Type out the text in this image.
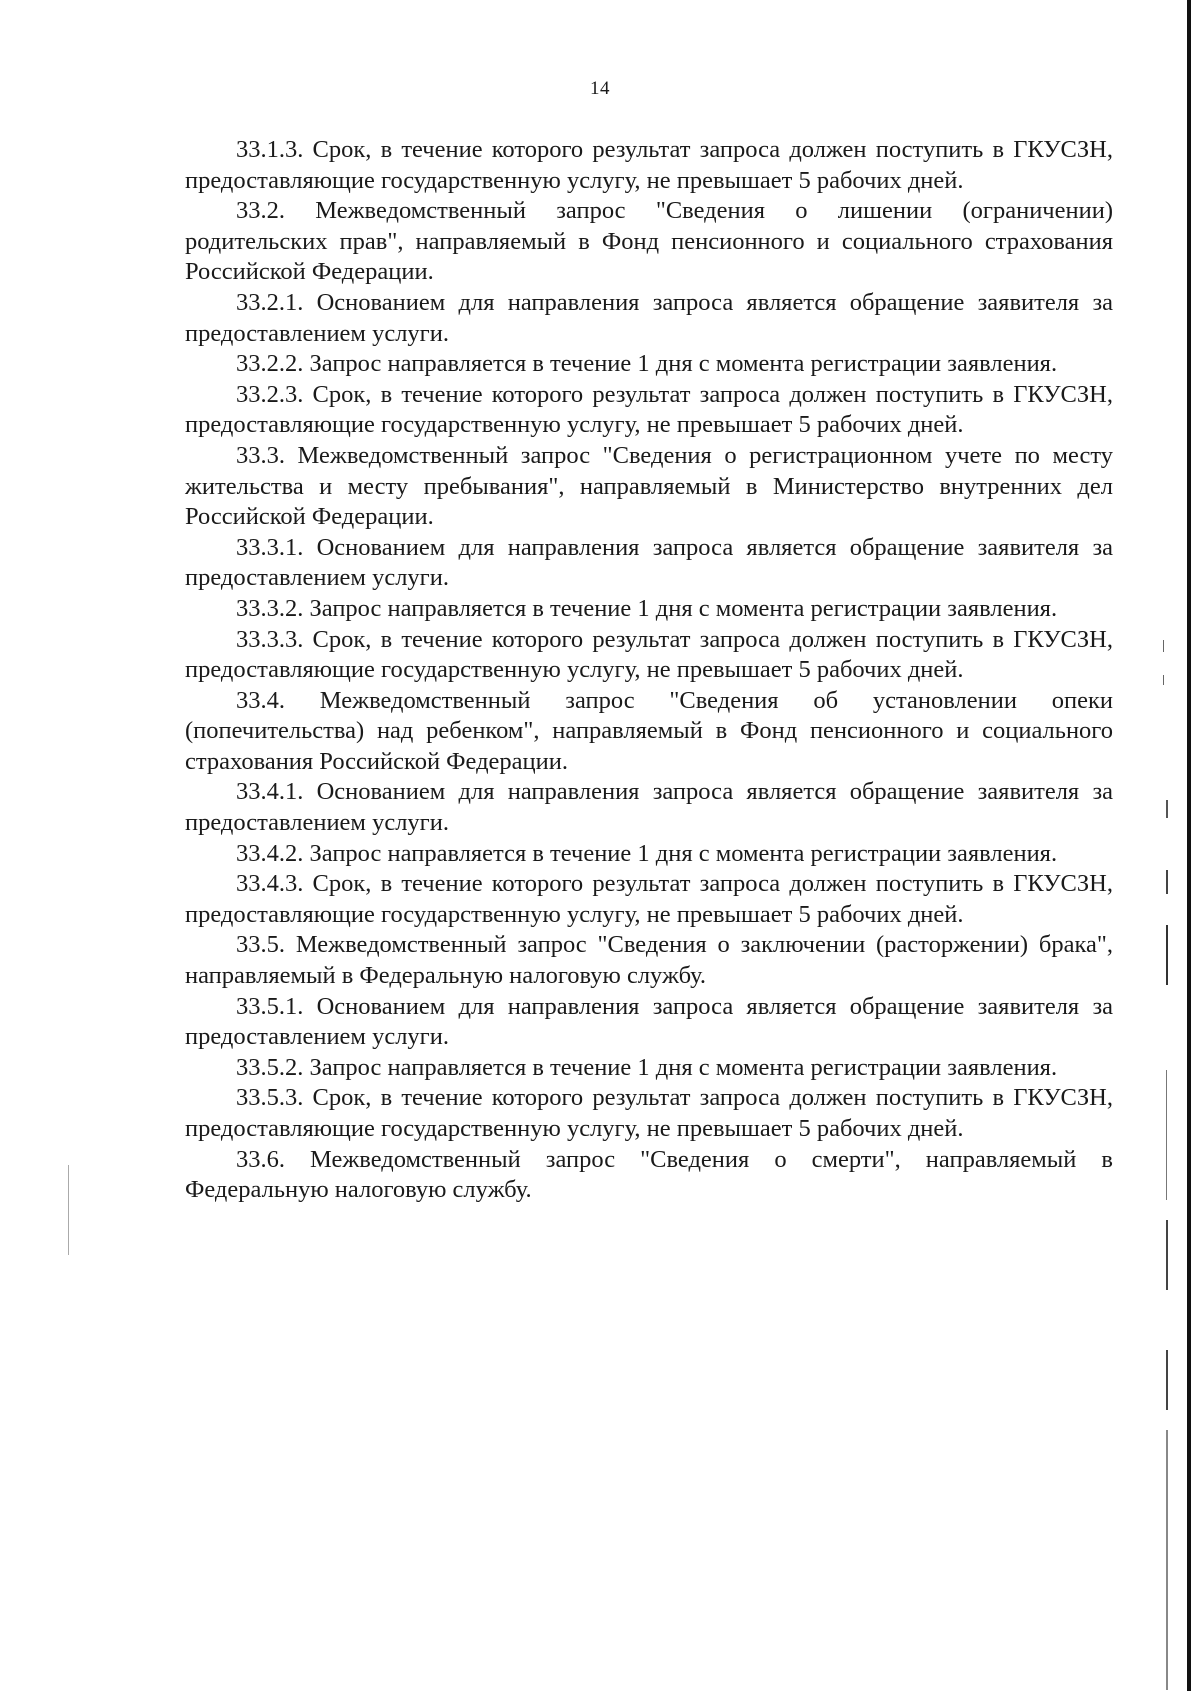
14

33.1.3. Срок, в течение которого результат запроса должен поступить в ГКУСЗН, предоставляющие государственную услугу, не превышает 5 рабочих дней.

33.2. Межведомственный запрос "Сведения о лишении (ограничении) родительских прав", направляемый в Фонд пенсионного и социального страхования Российской Федерации.

33.2.1. Основанием для направления запроса является обращение заявителя за предоставлением услуги.

33.2.2. Запрос направляется в течение 1 дня с момента регистрации заявления.

33.2.3. Срок, в течение которого результат запроса должен поступить в ГКУСЗН, предоставляющие государственную услугу, не превышает 5 рабочих дней.

33.3. Межведомственный запрос "Сведения о регистрационном учете по месту жительства и месту пребывания", направляемый в Министерство внутренних дел Российской Федерации.

33.3.1. Основанием для направления запроса является обращение заявителя за предоставлением услуги.

33.3.2. Запрос направляется в течение 1 дня с момента регистрации заявления.

33.3.3. Срок, в течение которого результат запроса должен поступить в ГКУСЗН, предоставляющие государственную услугу, не превышает 5 рабочих дней.

33.4. Межведомственный запрос "Сведения об установлении опеки (попечительства) над ребенком", направляемый в Фонд пенсионного и социального страхования Российской Федерации.

33.4.1. Основанием для направления запроса является обращение заявителя за предоставлением услуги.

33.4.2. Запрос направляется в течение 1 дня с момента регистрации заявления.

33.4.3. Срок, в течение которого результат запроса должен поступить в ГКУСЗН, предоставляющие государственную услугу, не превышает 5 рабочих дней.

33.5. Межведомственный запрос "Сведения о заключении (расторжении) брака", направляемый в Федеральную налоговую службу.

33.5.1. Основанием для направления запроса является обращение заявителя за предоставлением услуги.

33.5.2. Запрос направляется в течение 1 дня с момента регистрации заявления.

33.5.3. Срок, в течение которого результат запроса должен поступить в ГКУСЗН, предоставляющие государственную услугу, не превышает 5 рабочих дней.

33.6. Межведомственный запрос "Сведения о смерти", направляемый в Федеральную налоговую службу.
